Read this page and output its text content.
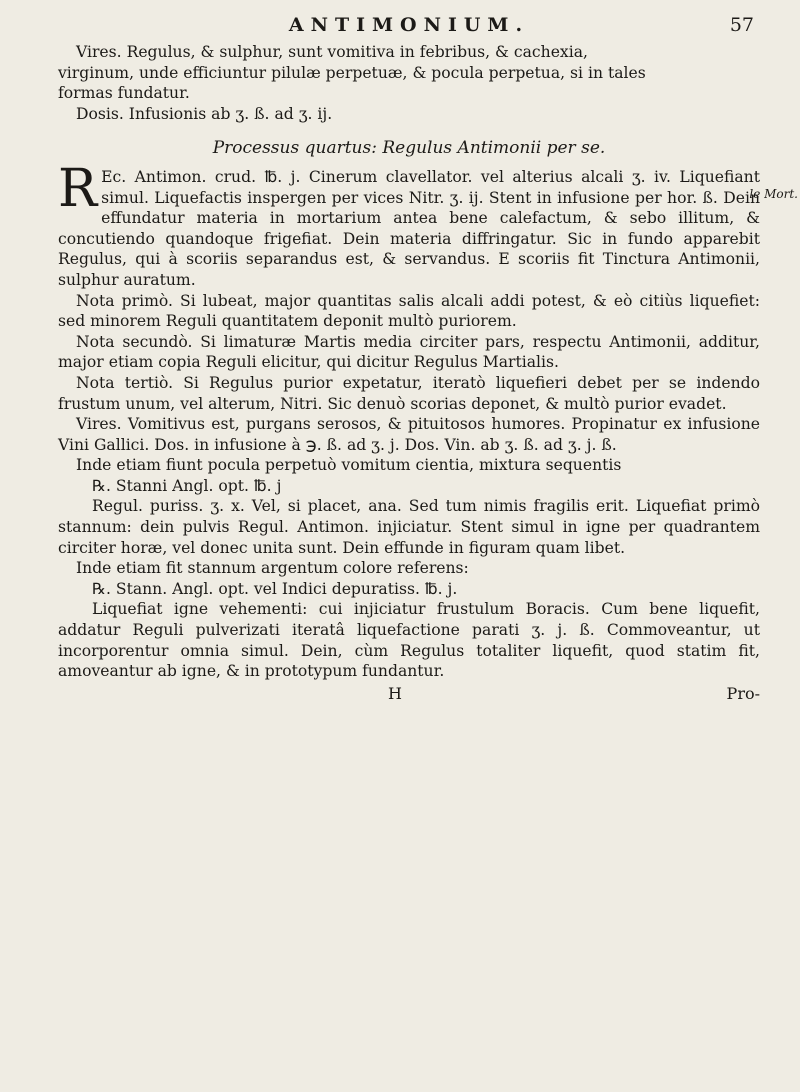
ANTIMONIUM.	57

Vires. Regulus, & sulphur, sunt vomitiva in febribus, & cachexia,

virginum, unde efficiuntur pilulæ perpetuæ, & pocula perpetua, si in tales

formas fundatur.

Dosis. Infusionis ab ʒ. ß. ad ʒ. ij.

Processus quartus: Regulus Antimonii per se.

R Ec. Antimon. crud. ℔. j. Cinerum clavellator. vel alterius alcali ʒ. iv. Liquefiant simul. Liquefactis inspergen per vices Nitr. ʒ. ij. Stent in infusione per hor. ß. Dein effundatur materia in mortarium antea bene calefactum, & sebo illitum, & concutiendo quandoque frigefiat. Dein materia diffringatur. Sic in fundo apparebit Regulus, qui à scoriis separandus est, & servandus. E scoriis fit Tinctura Antimonii, sulphur auratum.

Nota primò. Si lubeat, major quantitas salis alcali addi potest, & eò citiùs liquefiet: sed minorem Reguli quantitatem deponit multò puriorem.

Nota secundò. Si limaturæ Martis media circiter pars, respectu Antimonii, additur, major etiam copia Reguli elicitur, qui dicitur Regulus Martialis.

Nota tertiò. Si Regulus purior expetatur, iteratò liquefieri debet per se indendo frustum unum, vel alterum, Nitri. Sic denuò scorias deponet, & multò purior evadet.

Vires. Vomitivus est, purgans serosos, & pituitosos humores. Propinatur ex infusione Vini Gallici. Dos. in infusione à ℈. ß. ad ʒ. j. Dos. Vin. ab ʒ. ß. ad ʒ. j. ß.

Inde etiam fiunt pocula perpetuò vomitum cientia, mixtura sequentis

℞. Stanni Angl. opt. ℔. j

Regul. puriss. ʒ. x. Vel, si placet, ana. Sed tum nimis fragilis erit. Liquefiat primò stannum: dein pulvis Regul. Antimon. injiciatur. Stent simul in igne per quadrantem circiter horæ, vel donec unita sunt. Dein effunde in figuram quam libet.

Inde etiam fit stannum argentum colore referens:

℞. Stann. Angl. opt. vel Indici depuratiss. ℔. j.

Liquefiat igne vehementi: cui injiciatur frustulum Boracis. Cum bene liquefit, addatur Reguli pulverizati iteratâ liquefactione parati ʒ. j. ß. Commoveantur, ut incorporentur omnia simul. Dein, cùm Regulus totaliter liquefit, quod statim fit, amoveantur ab igne, & in prototypum fundantur.

H	Pro-
le Mort.
